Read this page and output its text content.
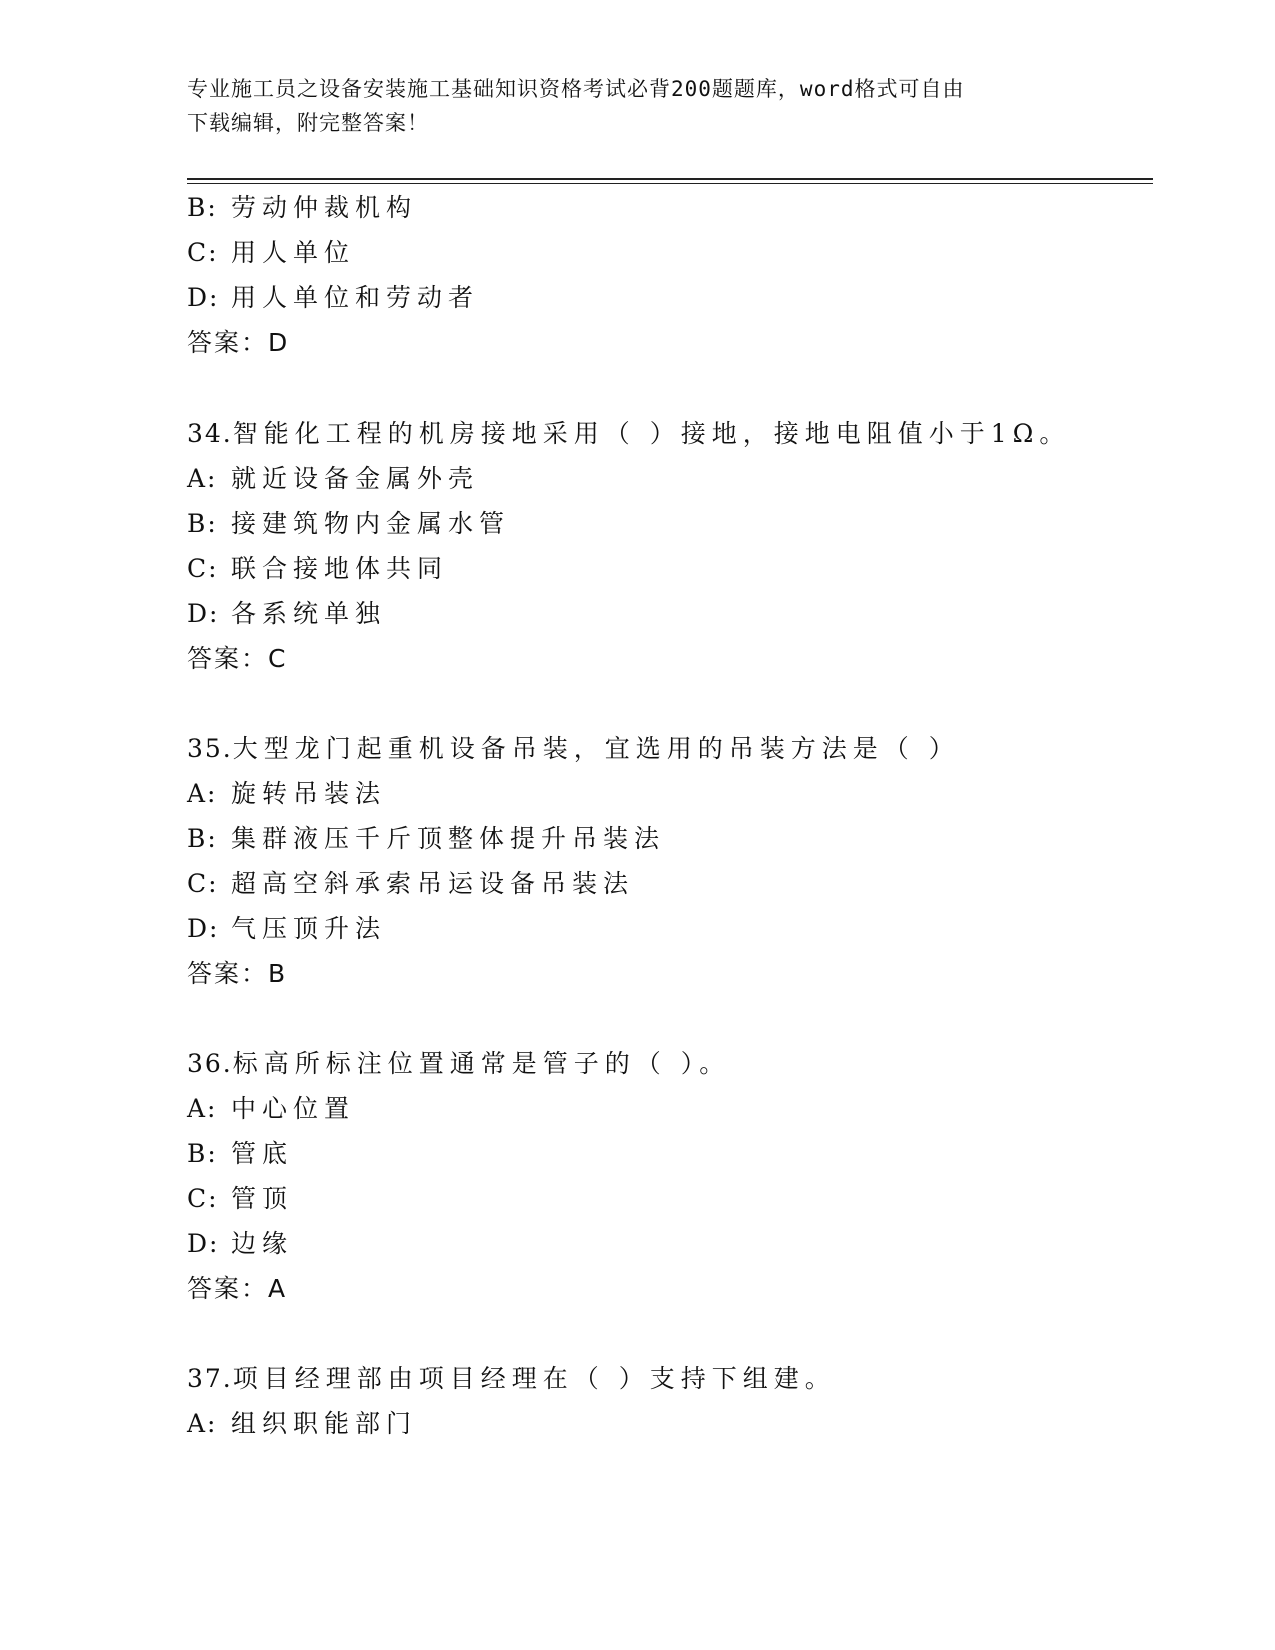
专业施工员之设备安装施工基础知识资格考试必背200题题库，word格式可自由
下载编辑，附完整答案！
B: 劳动仲裁机构
C: 用人单位
D: 用人单位和劳动者
答案：D
34.智能化工程的机房接地采用（ ）接地，接地电阻值小于1Ω。
A: 就近设备金属外壳
B: 接建筑物内金属水管
C: 联合接地体共同
D: 各系统单独
答案：C
35.大型龙门起重机设备吊装，宜选用的吊装方法是（ ）
A: 旋转吊装法
B: 集群液压千斤顶整体提升吊装法
C: 超高空斜承索吊运设备吊装法
D: 气压顶升法
答案：B
36.标高所标注位置通常是管子的（ ）。
A: 中心位置
B: 管底
C: 管顶
D: 边缘
答案：A
37.项目经理部由项目经理在（ ）支持下组建。
A: 组织职能部门
